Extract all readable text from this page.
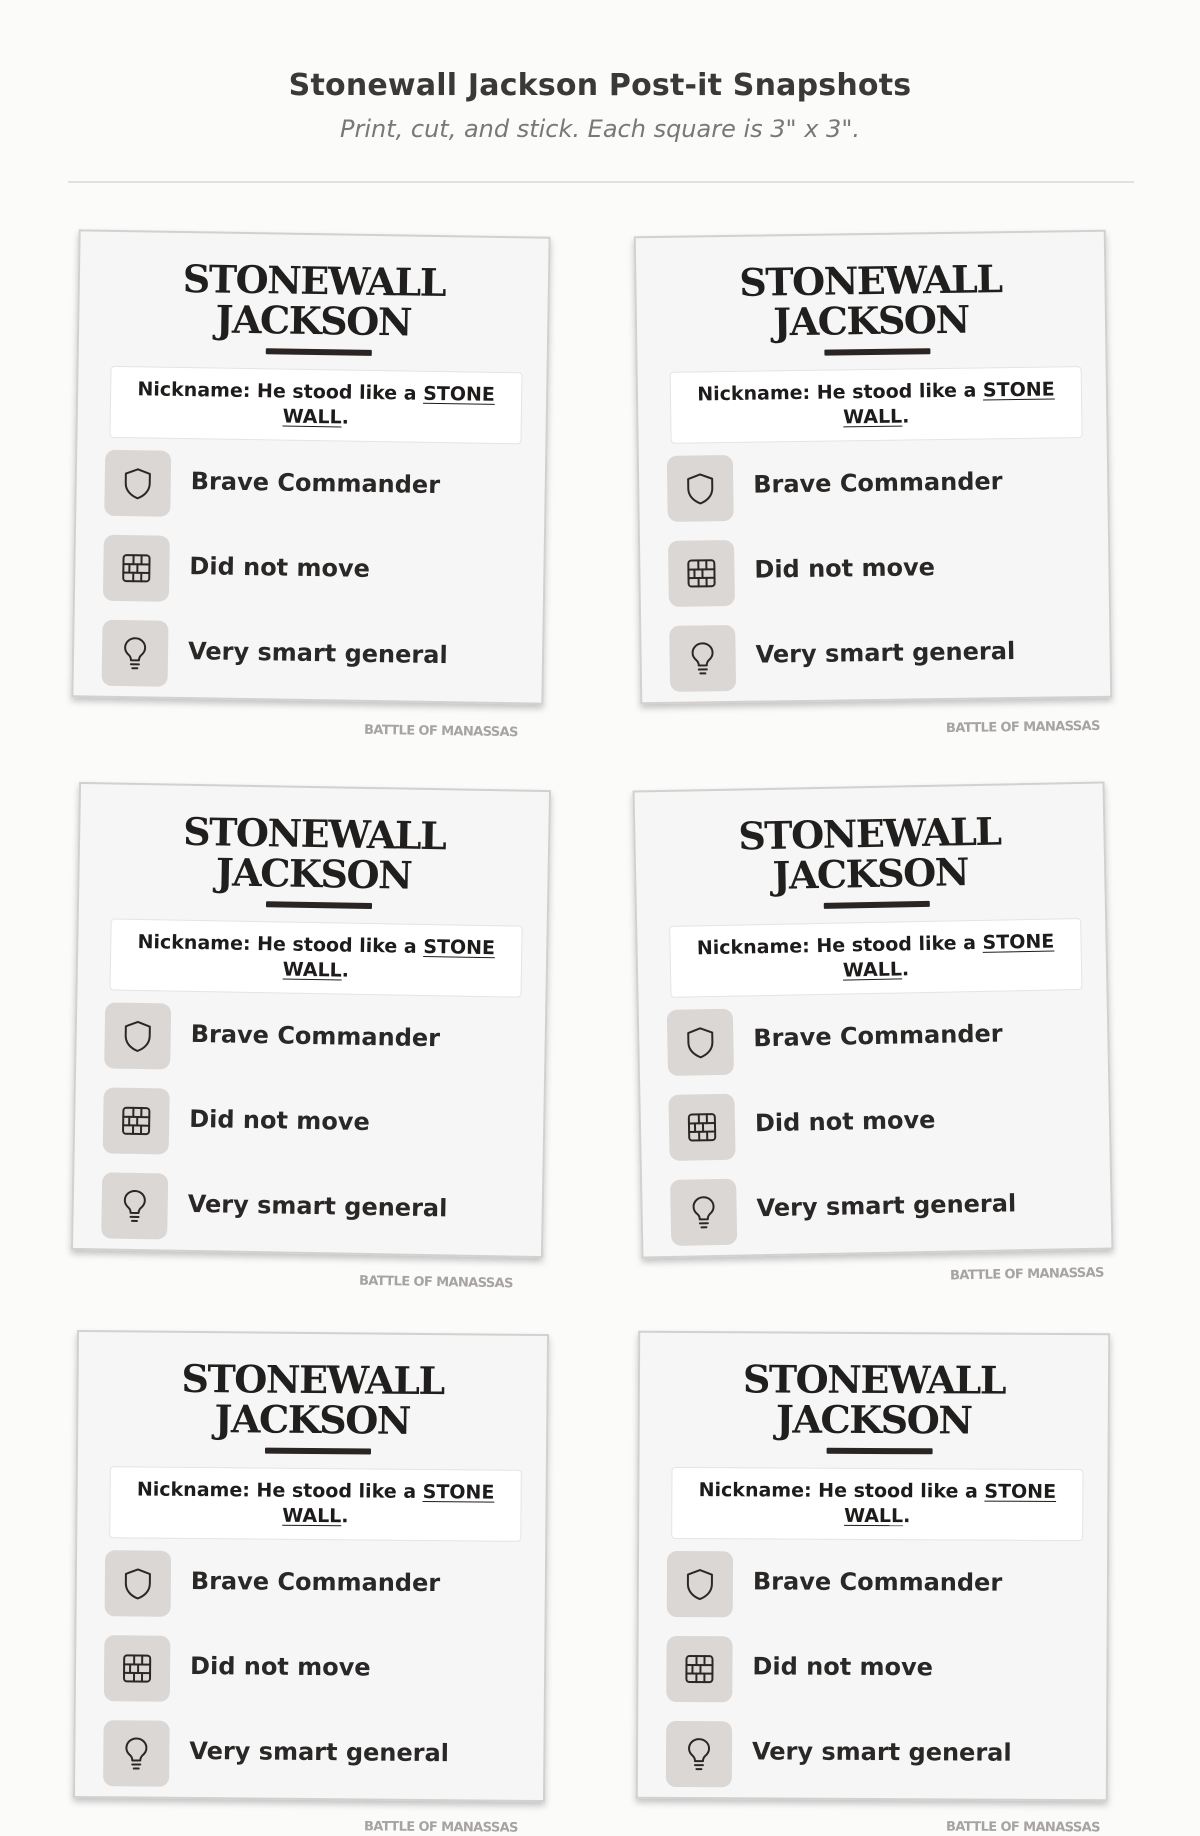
Stonewall Jackson Post-it Snapshots
Print, cut, and stick. Each square is 3" x 3".
STONEWALL
JACKSON
Nickname: He stood like a STONE
WALL.
Brave Commander
Did not move
Very smart general
BATTLE OF MANASSAS
STONEWALL
JACKSON
Nickname: He stood like a STONE
WALL.
Brave Commander
Did not move
Very smart general
BATTLE OF MANASSAS
STONEWALL
JACKSON
Nickname: He stood like a STONE
WALL.
Brave Commander
Did not move
Very smart general
BATTLE OF MANASSAS
STONEWALL
JACKSON
Nickname: He stood like a STONE
WALL.
Brave Commander
Did not move
Very smart general
BATTLE OF MANASSAS
STONEWALL
JACKSON
Nickname: He stood like a STONE
WALL.
Brave Commander
Did not move
Very smart general
BATTLE OF MANASSAS
STONEWALL
JACKSON
Nickname: He stood like a STONE
WALL.
Brave Commander
Did not move
Very smart general
BATTLE OF MANASSAS
